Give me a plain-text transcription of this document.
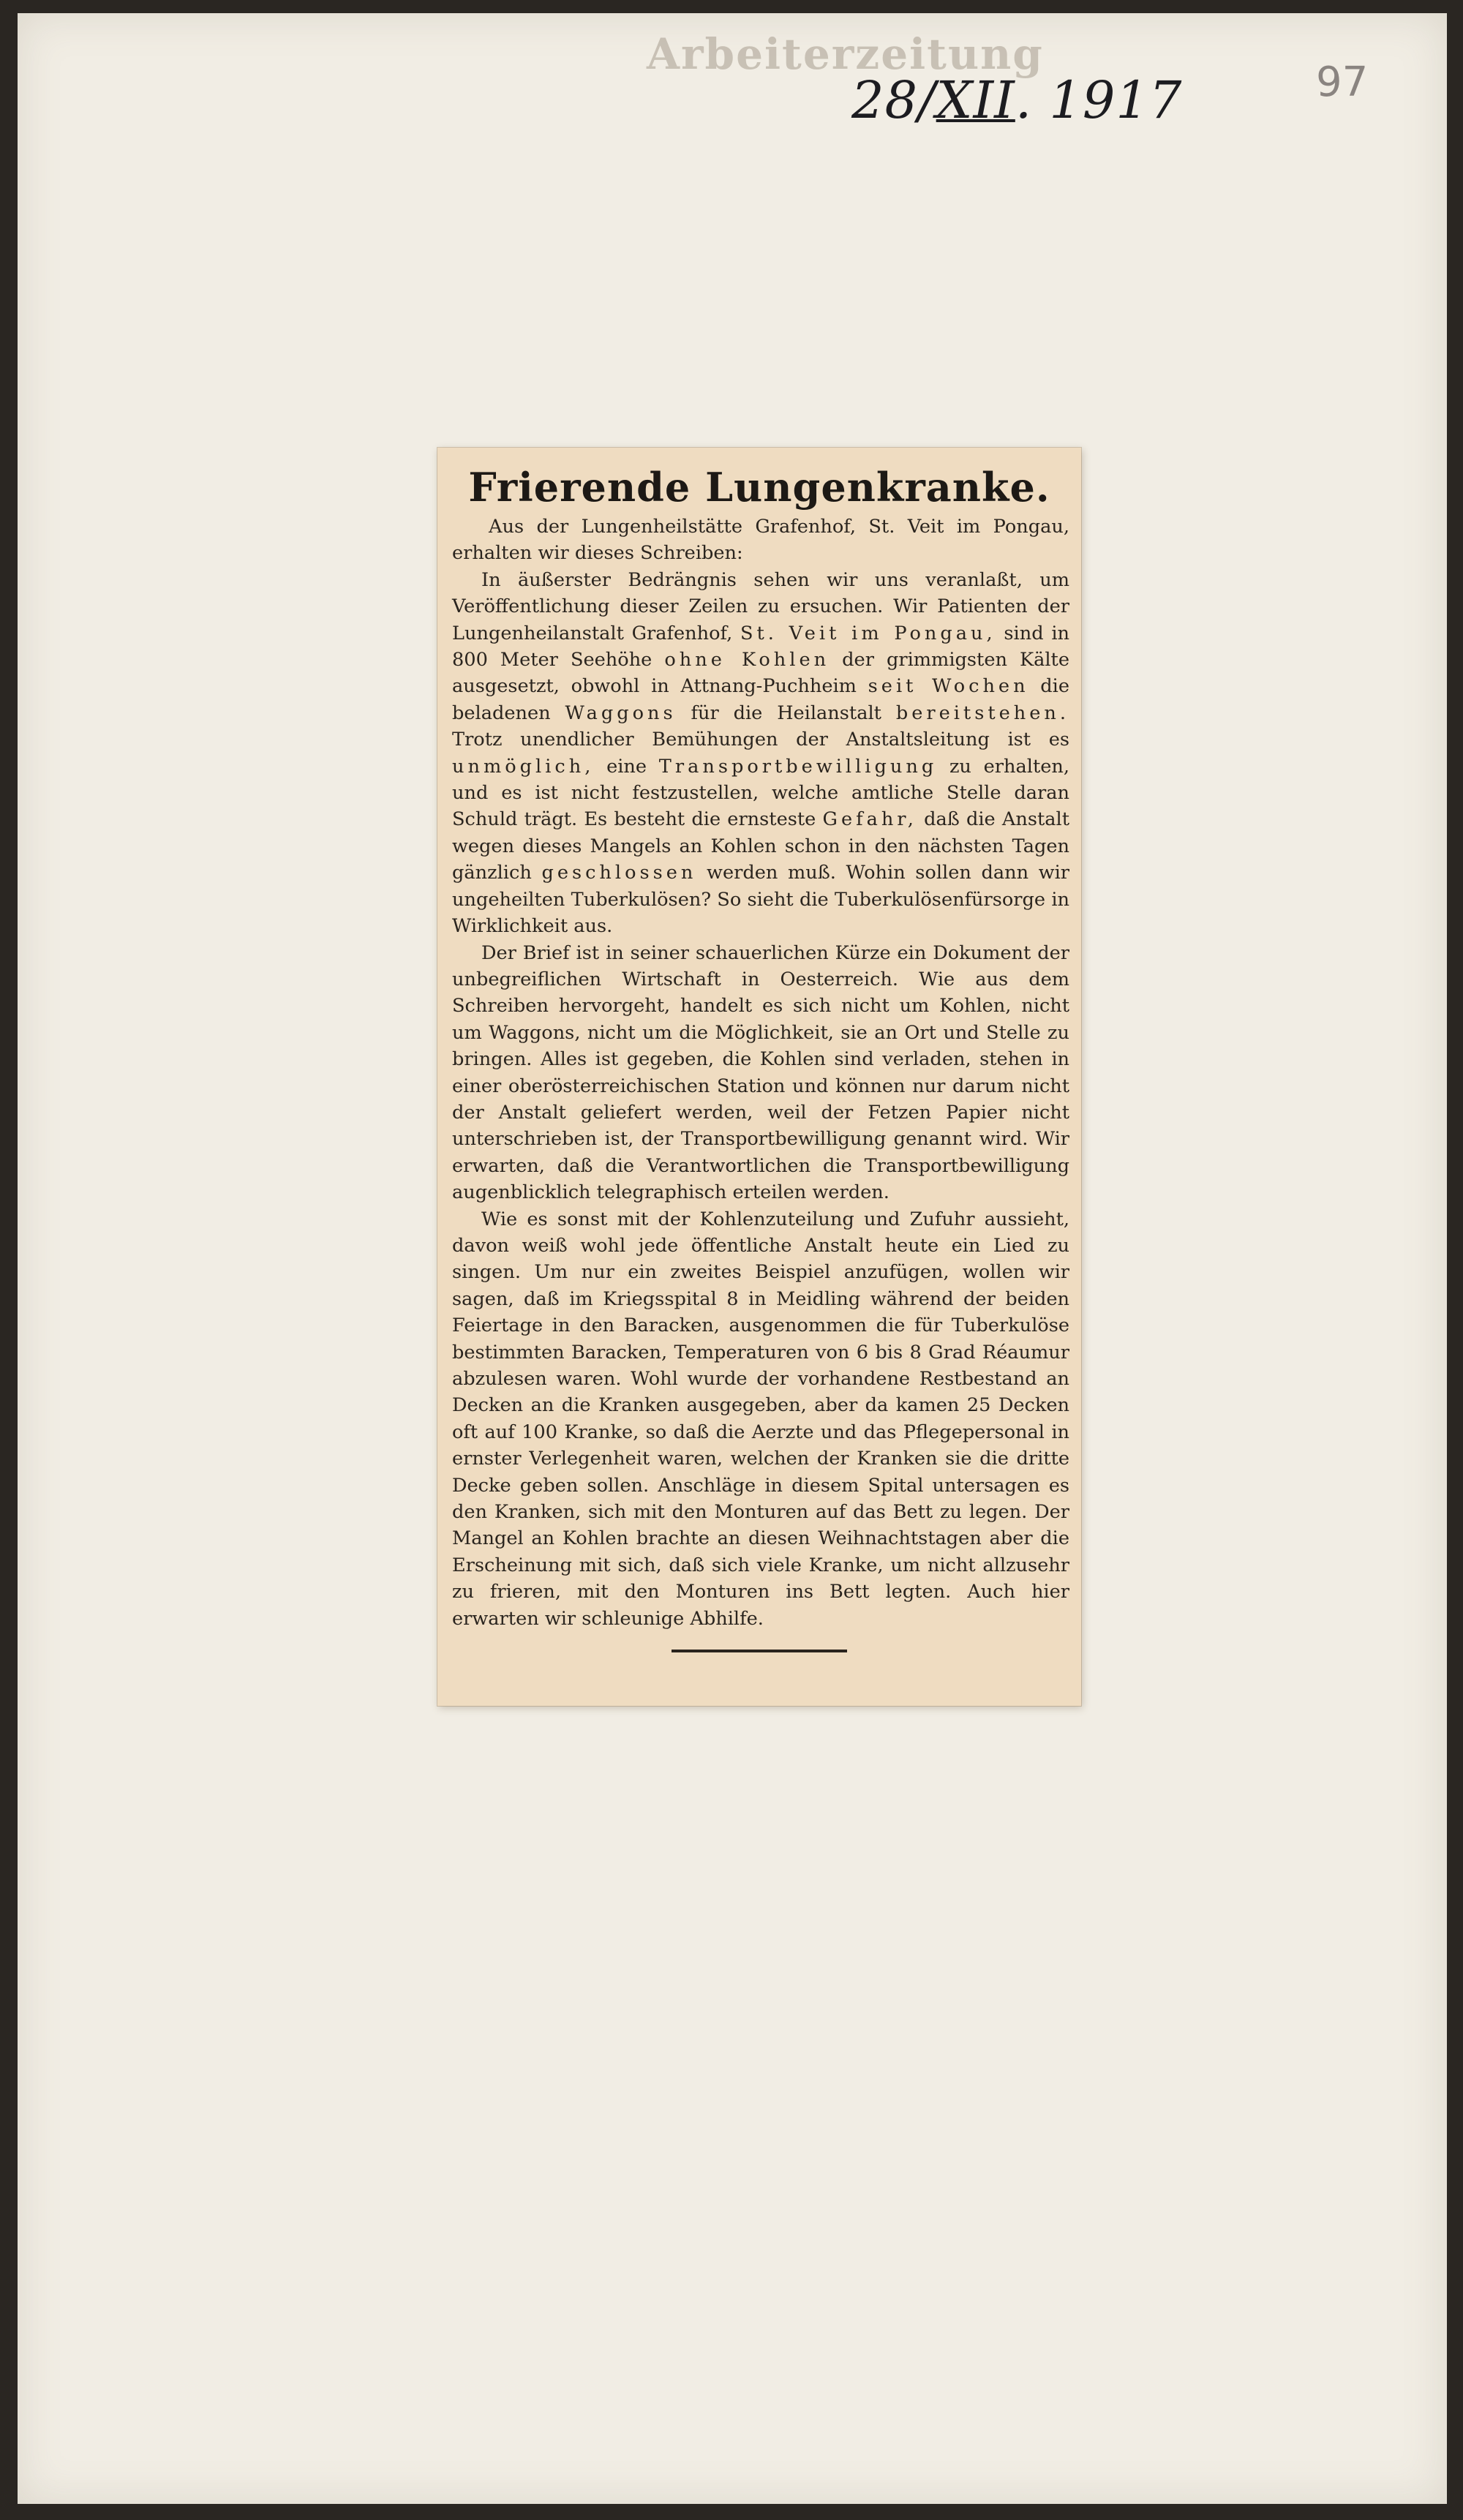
Arbeiterzeitung
28/XII. 1917	97
Frierende Lungenkranke.

Aus der Lungenheilstätte Grafenhof, St. Veit im Pongau, erhalten wir dieses Schreiben:

In äußerster Bedrängnis sehen wir uns veranlaßt, um Veröffentlichung dieser Zeilen zu ersuchen. Wir Patienten der Lungenheilanstalt Grafenhof, St. Veit im Pongau, sind in 800 Meter Seehöhe ohne Kohlen der grimmigsten Kälte ausgesetzt, obwohl in Attnang-Puchheim seit Wochen die beladenen Waggons für die Heilanstalt bereitstehen. Trotz unendlicher Bemühungen der Anstaltsleitung ist es unmöglich, eine Transportbewilligung zu erhalten, und es ist nicht festzustellen, welche amtliche Stelle daran Schuld trägt. Es besteht die ernsteste Gefahr, daß die Anstalt wegen dieses Mangels an Kohlen schon in den nächsten Tagen gänzlich geschlossen werden muß. Wohin sollen dann wir ungeheilten Tuberkulösen? So sieht die Tuberkulösenfürsorge in Wirklichkeit aus.

Der Brief ist in seiner schauerlichen Kürze ein Dokument der unbegreiflichen Wirtschaft in Oesterreich. Wie aus dem Schreiben hervorgeht, handelt es sich nicht um Kohlen, nicht um Waggons, nicht um die Möglichkeit, sie an Ort und Stelle zu bringen. Alles ist gegeben, die Kohlen sind verladen, stehen in einer oberösterreichischen Station und können nur darum nicht der Anstalt geliefert werden, weil der Fetzen Papier nicht unterschrieben ist, der Transportbewilligung genannt wird. Wir erwarten, daß die Verantwortlichen die Transportbewilligung augenblicklich telegraphisch erteilen werden.

Wie es sonst mit der Kohlenzuteilung und Zufuhr aussieht, davon weiß wohl jede öffentliche Anstalt heute ein Lied zu singen. Um nur ein zweites Beispiel anzufügen, wollen wir sagen, daß im Kriegsspital 8 in Meidling während der beiden Feiertage in den Baracken, ausgenommen die für Tuberkulöse bestimmten Baracken, Temperaturen von 6 bis 8 Grad Réaumur abzulesen waren. Wohl wurde der vorhandene Restbestand an Decken an die Kranken ausgegeben, aber da kamen 25 Decken oft auf 100 Kranke, so daß die Aerzte und das Pflegepersonal in ernster Verlegenheit waren, welchen der Kranken sie die dritte Decke geben sollen. Anschläge in diesem Spital untersagen es den Kranken, sich mit den Monturen auf das Bett zu legen. Der Mangel an Kohlen brachte an diesen Weihnachtstagen aber die Erscheinung mit sich, daß sich viele Kranke, um nicht allzusehr zu frieren, mit den Monturen ins Bett legten. Auch hier erwarten wir schleunige Abhilfe.
